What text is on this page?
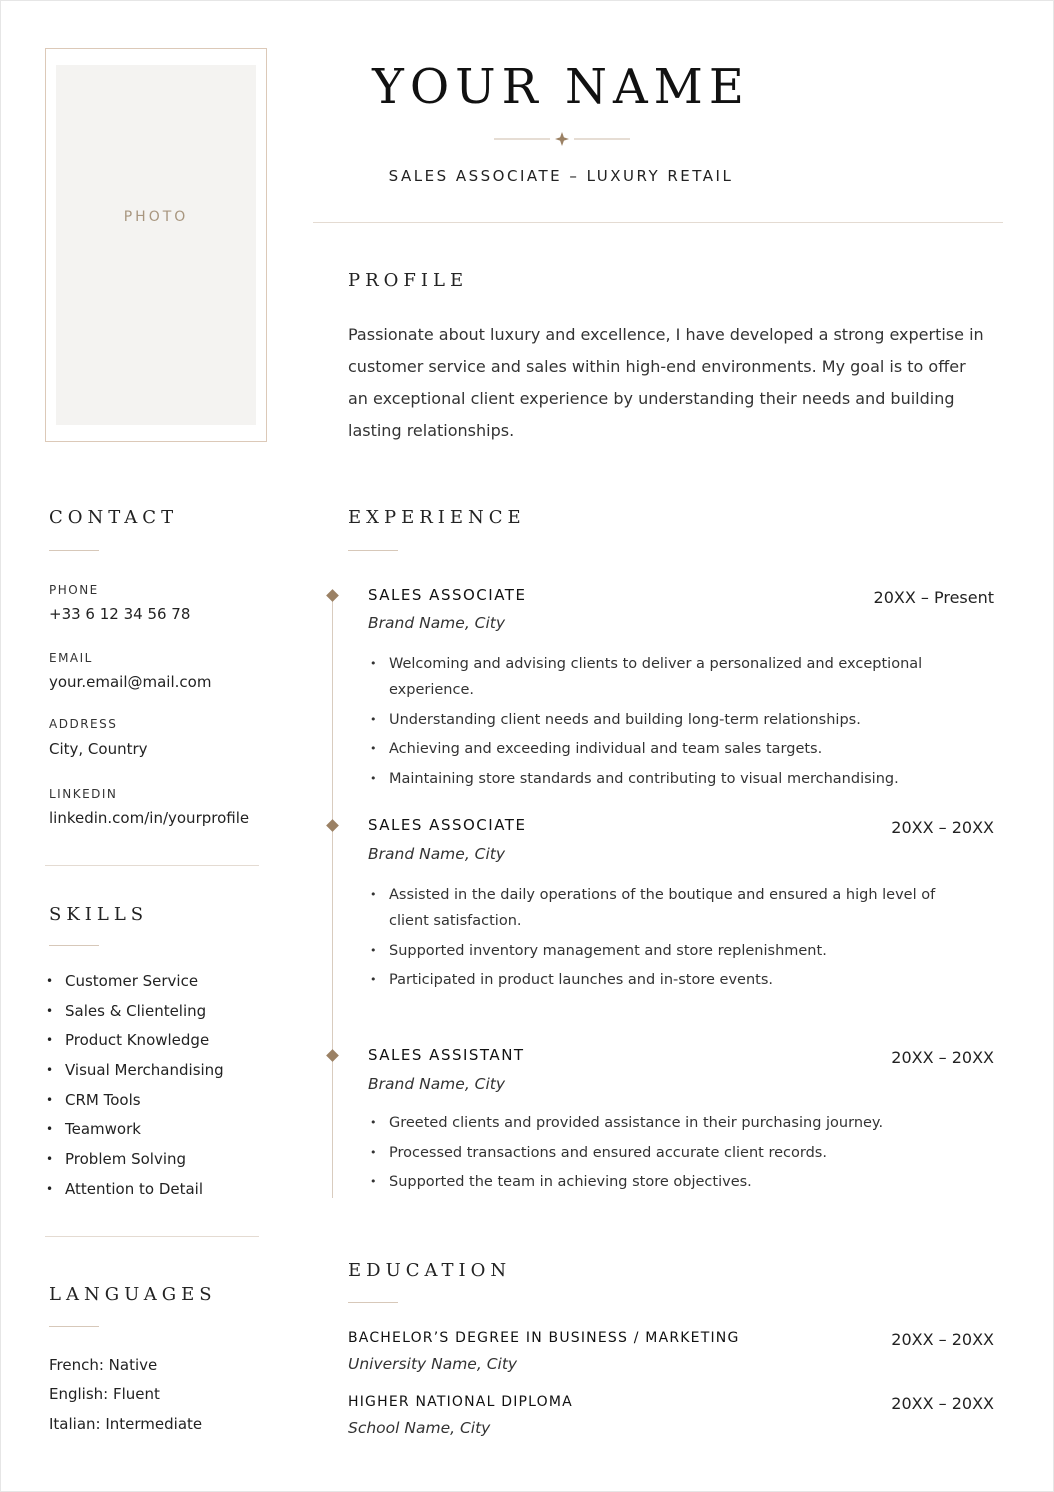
PHOTO
YOUR NAME
SALES ASSOCIATE – LUXURY RETAIL
PROFILE
Passionate about luxury and excellence, I have developed a strong expertise in customer service and sales within high-end environments. My goal is to offer an exceptional client experience by understanding their needs and building lasting relationships.
CONTACT
PHONE
+33 6 12 34 56 78
EMAIL
your.email@mail.com
ADDRESS
City, Country
LINKEDIN
linkedin.com/in/yourprofile
SKILLS
• Customer Service
• Sales & Clienteling
• Product Knowledge
• Visual Merchandising
• CRM Tools
• Teamwork
• Problem Solving
• Attention to Detail
LANGUAGES
French: Native
English: Fluent
Italian: Intermediate
EXPERIENCE
SALES ASSOCIATE	20XX – Present
Brand Name, City
• Welcoming and advising clients to deliver a personalized and exceptional experience.
• Understanding client needs and building long-term relationships.
• Achieving and exceeding individual and team sales targets.
• Maintaining store standards and contributing to visual merchandising.
SALES ASSOCIATE	20XX – 20XX
Brand Name, City
• Assisted in the daily operations of the boutique and ensured a high level of client satisfaction.
• Supported inventory management and store replenishment.
• Participated in product launches and in-store events.
SALES ASSISTANT	20XX – 20XX
Brand Name, City
• Greeted clients and provided assistance in their purchasing journey.
• Processed transactions and ensured accurate client records.
• Supported the team in achieving store objectives.
EDUCATION
BACHELOR’S DEGREE IN BUSINESS / MARKETING	20XX – 20XX
University Name, City
HIGHER NATIONAL DIPLOMA	20XX – 20XX
School Name, City
